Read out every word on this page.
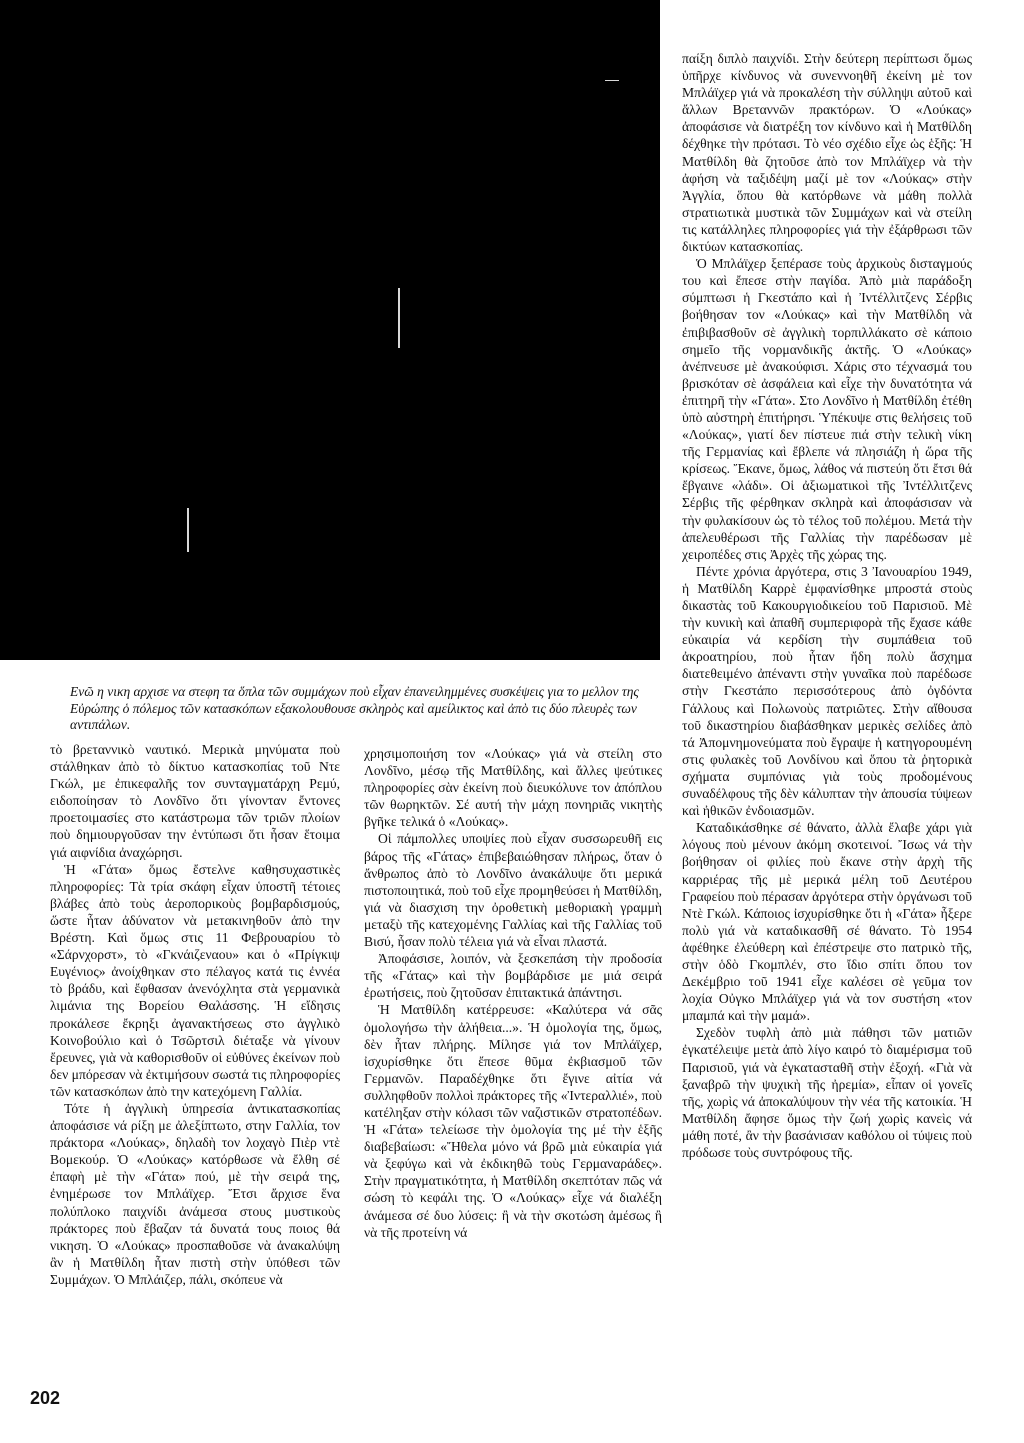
Ενῶ η νικη αρχισε να στεφη τα ὅπλα τῶν συμμάχων ποὺ εἶχαν ἐπανειλημμένες συσκέψεις για το μελλον της Εὐρώπης ὁ πόλεμος τῶν κατασκόπων εξακολουθουσε σκληρὸς καὶ αμείλικτος καὶ ἀπὸ τις δύο πλευρὲς των αντιπάλων.

τὸ βρεταννικὸ ναυτικό. Μερικὰ μηνύματα ποὺ στάλθηκαν ἀπὸ τὸ δίκτυο κατασκοπίας τοῦ Ντε Γκώλ, με ἐπικεφαλῆς τον συνταγματάρχη Ρεμύ, ειδοποίησαν τὸ Λονδῖνο ὅτι γίνονταν ἔντονες προετοιμασίες στο κατάστρωμα τῶν τριῶν πλοίων ποὺ δημιουργοῦσαν την ἐντύπωσι ὅτι ἦσαν ἕτοιμα γιά αιφνίδια ἀναχώρησι.

Ἡ «Γάτα» ὅμως ἔστελνε καθησυχαστικὲς πληροφορίες: Τὰ τρία σκάφη εἶχαν ὑποστῆ τέτοιες βλάβες ἀπὸ τοὺς ἀεροπορικοὺς βομβαρδισμούς, ὥστε ἦταν ἀδύνατον νὰ μετακινηθοῦν ἀπὸ την Βρέστη. Καὶ ὅμως στις 11 Φεβρουαρίου τὸ «Σάρνχορστ», τὸ «Γκνάιζεναου» και ὁ «Πρίγκιψ Ευγένιος» ἀνοίχθηκαν στο πέλαγος κατά τις ἐννέα τὸ βράδυ, καὶ ἔφθασαν ἀνενόχλητα στὰ γερμανικὰ λιμάνια της Βορείου Θαλάσσης. Ἡ εἴδησις προκάλεσε ἔκρηξι ἀγανακτήσεως στο ἀγγλικὸ Κοινοβούλιο καὶ ὁ Τσῶρτσιλ διέταξε νὰ γίνουν ἔρευνες, γιὰ νὰ καθορισθοῦν οἱ εὐθύνες ἐκείνων ποὺ δεν μπόρεσαν νὰ ἐκτιμήσουν σωστά τις πληροφορίες τῶν κατασκόπων ἀπὸ την κατεχόμενη Γαλλία.

Τότε ἡ ἀγγλικὴ ὑπηρεσία ἀντικατασκοπίας ἀποφάσισε νά ρίξη με ἀλεξίπτωτο, στην Γαλλία, τον πράκτορα «Λούκας», δηλαδὴ τον λοχαγὸ Πιὲρ ντὲ Βομεκούρ. Ὁ «Λούκας» κατόρθωσε νὰ ἔλθη σέ ἐπαφὴ μὲ τὴν «Γάτα» πού, μὲ τὴν σειρά της, ἐνημέρωσε τον Μπλάϊχερ. Ἔτσι ἄρχισε ἕνα πολύπλοκο παιχνίδι ἀνάμεσα στους μυστικοὺς πράκτορες ποὺ ἔβαζαν τά δυνατά τους ποιος θά νικηση. Ὁ «Λούκας» προσπαθοῦσε νὰ ἀνακαλύψη ἂν ἡ Ματθίλδη ἦταν πιστὴ στὴν ὑπόθεσι τῶν Συμμάχων. Ὁ Μπλάιζερ, πάλι, σκόπευε νὰ

χρησιμοποιήση τον «Λούκας» γιά νὰ στείλη στο Λονδῖνο, μέσῳ τῆς Ματθίλδης, καὶ ἄλλες ψεύτικες πληροφορίες σὰν ἐκείνη ποὺ διευκόλυνε τον ἀπόπλου τῶν θωρηκτῶν. Σέ αυτή τὴν μάχη πονηριᾶς νικητὴς βγῆκε τελικά ὁ «Λούκας».

Οἱ πάμπολλες υποψίες ποὺ εἶχαν συσσωρευθῆ εις βάρος τῆς «Γάτας» ἐπιβεβαιώθησαν πλήρως, ὅταν ὁ ἄνθρωπος ἀπὸ τὸ Λονδῖνο ἀνακάλυψε ὅτι μερικά πιστοποιητικά, ποὺ τοῦ εἶχε προμηθεύσει ἡ Ματθίλδη, γιά νὰ διασχιση την ὀροθετικὴ μεθοριακὴ γραμμὴ μεταξὺ τῆς κατεχομένης Γαλλίας καὶ τῆς Γαλλίας τοῦ Βισύ, ἦσαν πολὺ τέλεια γιά νὰ εἶναι πλαστά.

Ἀποφάσισε, λοιπόν, νὰ ξεσκεπάση τὴν προδοσία τῆς «Γάτας» καὶ τὴν βομβάρδισε με μιά σειρά ἐρωτήσεις, ποὺ ζητοῦσαν ἐπιτακτικά ἀπάντησι.

Ἡ Ματθίλδη κατέρρευσε: «Καλύτερα νά σᾶς ὁμολογήσω τὴν ἀλήθεια...». Ἡ ὁμολογία της, ὅμως, δὲν ἦταν πλήρης. Μίλησε γιά τον Μπλάϊχερ, ἰσχυρίσθηκε ὅτι ἔπεσε θῦμα ἐκβιασμοῦ τῶν Γερμανῶν. Παραδέχθηκε ὅτι ἔγινε αἰτία νά συλληφθοῦν πολλοὶ πράκτορες τῆς «Ἰντεραλλιέ», ποὺ κατέληξαν στὴν κόλασι τῶν ναζιστικῶν στρατοπέδων. Ἡ «Γάτα» τελείωσε τὴν ὁμολογία της μέ τὴν ἑξῆς διαβεβαίωσι: «Ἤθελα μόνο νά βρῶ μιὰ εὐκαιρία γιά νὰ ξεφύγω καὶ νὰ ἐκδικηθῶ τοὺς Γερμαναράδες». Στὴν πραγματικότητα, ἡ Ματθίλδη σκεπτόταν πῶς νά σώση τὸ κεφάλι της. Ὁ «Λούκας» εἶχε νά διαλέξη ἀνάμεσα σέ δυο λύσεις: ἢ νὰ τὴν σκοτώση ἀμέσως ἢ νὰ τῆς προτείνη νά

παίξη διπλὸ παιχνίδι. Στὴν δεύτερη περίπτωσι ὅμως ὑπῆρχε κίνδυνος νὰ συνεννοηθῆ ἐκείνη μὲ τον Μπλάϊχερ γιά νὰ προκαλέση τὴν σύλληψι αὐτοῦ καὶ ἄλλων Βρεταννῶν πρακτόρων. Ὁ «Λούκας» ἀποφάσισε νὰ διατρέξη τον κίνδυνο καὶ ἡ Ματθίλδη δέχθηκε τὴν πρότασι. Τὸ νέο σχέδιο εἶχε ὡς ἑξῆς: Ἡ Ματθίλδη θὰ ζητοῦσε ἀπὸ τον Μπλάϊχερ νὰ τὴν ἀφήση νὰ ταξιδέψη μαζί μὲ τον «Λούκας» στὴν Ἀγγλία, ὅπου θὰ κατόρθωνε νὰ μάθη πολλὰ στρατιωτικὰ μυστικὰ τῶν Συμμάχων καὶ νὰ στείλη τις κατάλληλες πληροφορίες γιά τὴν ἐξάρθρωσι τῶν δικτύων κατασκοπίας.

Ὁ Μπλάϊχερ ξεπέρασε τοὺς ἀρχικοὺς δισταγμούς του καὶ ἔπεσε στὴν παγίδα. Ἀπὸ μιὰ παράδοξη σύμπτωσι ἡ Γκεστάπο καὶ ἡ Ἰντέλλιτζενς Σέρβις βοήθησαν τον «Λούκας» καὶ τὴν Ματθίλδη νὰ ἐπιβιβασθοῦν σὲ ἀγγλικὴ τορπιλλάκατο σὲ κάποιο σημεῖο τῆς νορμανδικῆς ἀκτῆς. Ὁ «Λούκας» ἀνέπνευσε μὲ ἀνακούφισι. Χάρις στο τέχνασμά του βρισκόταν σὲ ἀσφάλεια καὶ εἶχε τὴν δυνατότητα νά ἐπιτηρῆ τὴν «Γάτα». Στο Λονδῖνο ἡ Ματθίλδη ἐτέθη ὑπὸ αὐστηρὴ ἐπιτήρησι. Ὑπέκυψε στις θελήσεις τοῦ «Λούκας», γιατί δεν πίστευε πιά στὴν τελικὴ νίκη τῆς Γερμανίας καὶ ἔβλεπε νά πλησιάζη ἡ ὥρα τῆς κρίσεως. Ἔκανε, ὅμως, λάθος νά πιστεύη ὅτι ἔτσι θά ἔβγαινε «λάδι». Οἱ ἀξιωματικοὶ τῆς Ἰντέλλιτζενς Σέρβις τῆς φέρθηκαν σκληρὰ καὶ ἀποφάσισαν νὰ τὴν φυλακίσουν ὡς τὸ τέλος τοῦ πολέμου. Μετά τὴν ἀπελευθέρωσι τῆς Γαλλίας τὴν παρέδωσαν μὲ χειροπέδες στις Ἀρχὲς τῆς χώρας της.

Πέντε χρόνια ἀργότερα, στις 3 Ἰανουαρίου 1949, ἡ Ματθίλδη Καρρὲ ἐμφανίσθηκε μπροστά στοὺς δικαστὰς τοῦ Κακουργιοδικείου τοῦ Παρισιοῦ. Μὲ τὴν κυνικὴ καὶ ἀπαθῆ συμπεριφορὰ τῆς ἔχασε κάθε εὐκαιρία νά κερδίση τὴν συμπάθεια τοῦ ἀκροατηρίου, ποὺ ἦταν ἤδη πολὺ ἄσχημα διατεθειμένο ἀπέναντι στὴν γυναῖκα ποὺ παρέδωσε στὴν Γκεστάπο περισσότερους ἀπὸ ὀγδόντα Γάλλους καὶ Πολωνοὺς πατριῶτες. Στὴν αἴθουσα τοῦ δικαστηρίου διαβάσθηκαν μερικὲς σελίδες ἀπὸ τά Ἀπομνημονεύματα ποὺ ἔγραψε ἡ κατηγορουμένη στις φυλακὲς τοῦ Λονδίνου καὶ ὅπου τὰ ῥητορικὰ σχήματα συμπόνιας γιὰ τοὺς προδομένους συναδέλφους τῆς δὲν κάλυπταν τὴν ἀπουσία τύψεων καὶ ἠθικῶν ἐνδοιασμῶν.

Καταδικάσθηκε σέ θάνατο, ἀλλὰ ἔλαβε χάρι γιὰ λόγους ποὺ μένουν ἀκόμη σκοτεινοί. Ἴσως νά τὴν βοήθησαν οἱ φιλίες ποὺ ἔκανε στὴν ἀρχὴ τῆς καρριέρας τῆς μὲ μερικά μέλη τοῦ Δευτέρου Γραφείου ποὺ πέρασαν ἀργότερα στὴν ὀργάνωσι τοῦ Ντὲ Γκώλ. Κάποιος ἰσχυρίσθηκε ὅτι ἡ «Γάτα» ἦξερε πολὺ γιά νὰ καταδικασθῆ σέ θάνατο. Τὸ 1954 ἀφέθηκε ἐλεύθερη καὶ ἐπέστρεψε στο πατρικὸ τῆς, στὴν ὁδὸ Γκομπλέν, στο ἴδιο σπίτι ὅπου τον Δεκέμβριο τοῦ 1941 εἶχε καλέσει σὲ γεῦμα τον λοχία Οὐγκο Μπλάϊχερ γιά νὰ τον συστήση «τον μπαμπά καὶ τὴν μαμά».

Σχεδὸν τυφλὴ ἀπὸ μιὰ πάθησι τῶν ματιῶν ἐγκατέλειψε μετὰ ἀπὸ λίγο καιρό τὸ διαμέρισμα τοῦ Παρισιοῦ, γιά νὰ ἐγκατασταθῆ στὴν ἐξοχή. «Γιὰ νὰ ξαναβρῶ τὴν ψυχικὴ τῆς ἠρεμία», εἶπαν οἱ γονεῖς τῆς, χωρὶς νά ἀποκαλύψουν τὴν νέα τῆς κατοικία. Ἡ Ματθίλδη ἄφησε ὅμως τὴν ζωή χωρὶς κανεὶς νά μάθη ποτέ, ἂν τὴν βασάνισαν καθόλου οἱ τύψεις ποὺ πρόδωσε τοὺς συντρόφους τῆς.

202
